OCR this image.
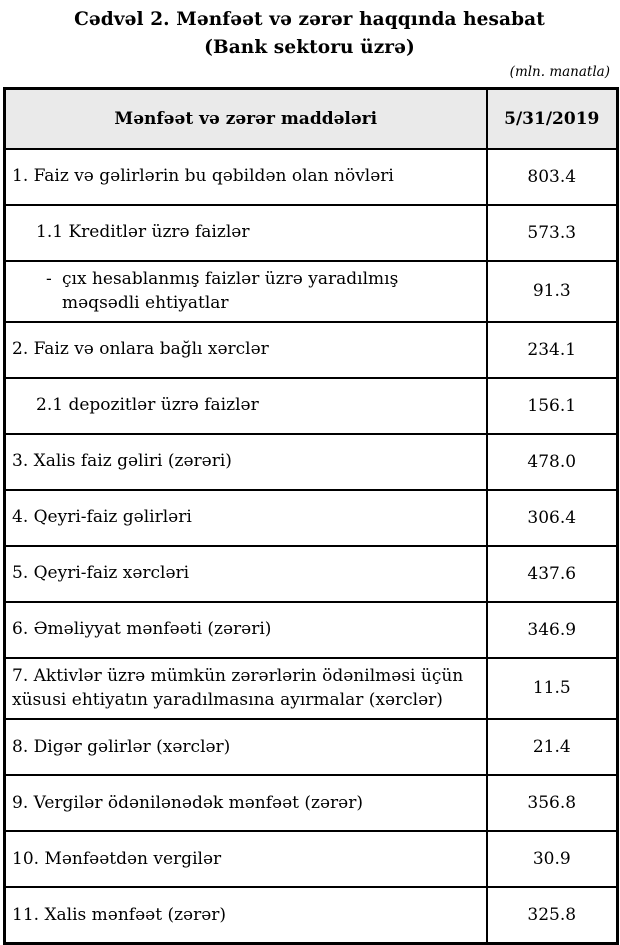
Cədvəl 2. Mənfəət və zərər haqqında hesabat

(Bank sektoru üzrə)

(mln. manatla)
Mənfəət və zərər maddələri	5/31/2019
1. Faiz və gəlirlərin bu qəbildən olan növləri	803.4
1.1 Kreditlər üzrə faizlər	573.3

- çıx hesablanmış faizlər üzrə yaradılmış məqsədli ehtiyatlar	91.3
2. Faiz və onlara bağlı xərclər	234.1
2.1 depozitlər üzrə faizlər	156.1
3. Xalis faiz gəliri (zərəri)	478.0
4. Qeyri-faiz gəlirləri	306.4
5. Qeyri-faiz xərcləri	437.6
6. Əməliyyat mənfəəti (zərəri)	346.9
7. Aktivlər üzrə mümkün zərərlərin ödənilməsi üçün xüsusi ehtiyatın yaradılmasına ayırmalar (xərclər)	11.5
8. Digər gəlirlər (xərclər)	21.4
9. Vergilər ödənilənədək mənfəət (zərər)	356.8
10. Mənfəətdən vergilər	30.9
11. Xalis mənfəət (zərər)	325.8
